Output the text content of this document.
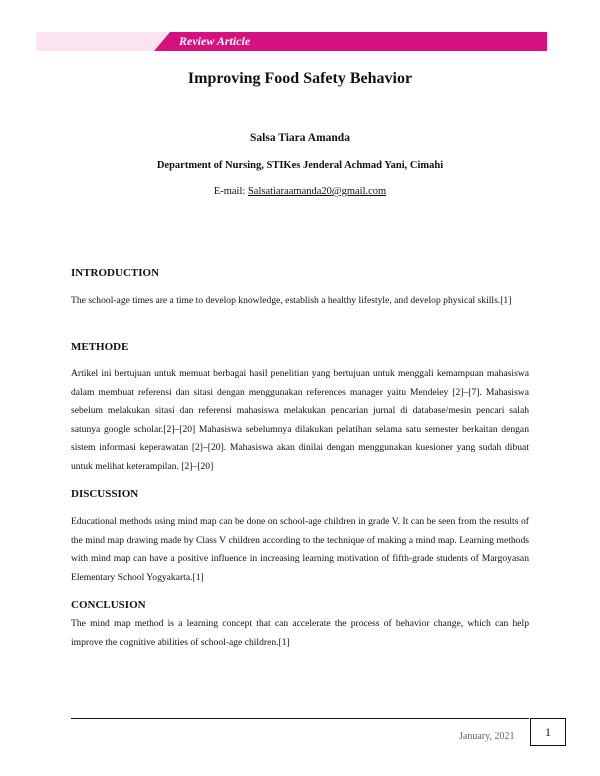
Review Article
Improving Food Safety Behavior
Salsa Tiara Amanda
Department of Nursing, STIKes Jenderal Achmad Yani, Cimahi
E-mail: Salsatiaraamanda20@gmail.com
INTRODUCTION
The school-age times are a time to develop knowledge, establish a healthy lifestyle, and develop physical skills.[1]
METHODE
Artikel ini bertujuan untuk memuat berbagai hasil penelitian yang bertujuan untuk menggali kemampuan mahasiswa dalam membuat referensi dan sitasi dengan menggunakan references manager yaitu Mendeley [2]–[7]. Mahasiswa sebelum melakukan sitasi dan referensi mahasiswa melakukan pencarian jurnal di database/mesin pencari salah satunya google scholar.[2]–[20] Mahasiswa sebelumnya dilakukan pelatihan selama satu semester berkaitan dengan sistem informasi keperawatan [2]–[20]. Mahasiswa akan dinilai dengan menggunakan kuesioner yang sudah dibuat untuk melihat keterampilan. [2]–[20]
DISCUSSION
Educational methods using mind map can be done on school-age children in grade V. It can be seen from the results of the mind map drawing made by Class V children according to the technique of making a mind map. Learning methods with mind map can have a positive influence in increasing learning motivation of fifth-grade students of Margoyasan Elementary School Yogyakarta.[1]
CONCLUSION
The mind map method is a learning concept that can accelerate the process of behavior change, which can help improve the cognitive abilities of school-age children.[1]
January, 2021	1
